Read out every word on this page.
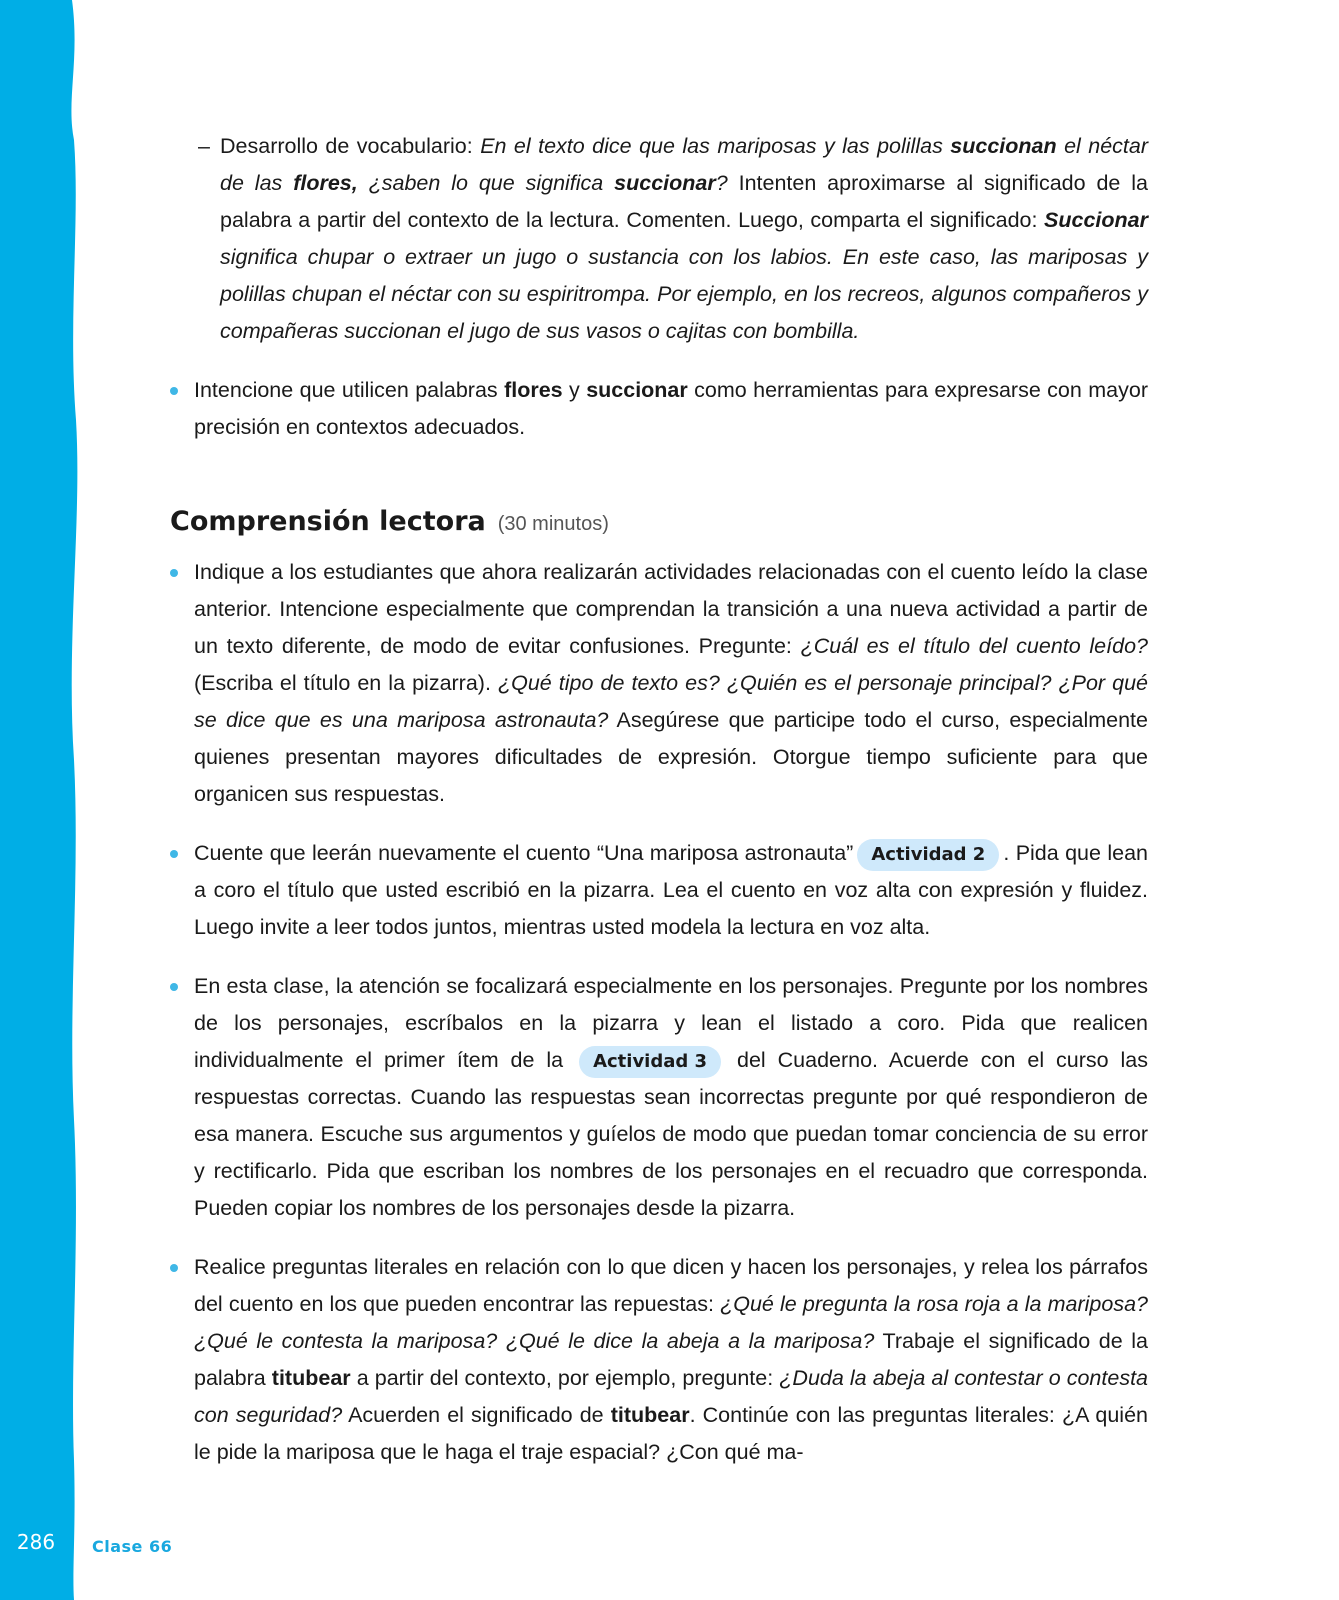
286	Clase 66
– Desarrollo de vocabulario: En el texto dice que las mariposas y las polillas succionan el néctar de las flores, ¿saben lo que significa succionar? Intenten aproximarse al significado de la palabra a partir del contexto de la lectura. Comenten. Luego, comparta el significado: Succionar significa chupar o extraer un jugo o sustancia con los labios. En este caso, las mariposas y polillas chupan el néctar con su espiritrompa. Por ejemplo, en los recreos, algunos compañeros y compañeras succionan el jugo de sus vasos o cajitas con bombilla.
Intencione que utilicen palabras flores y succionar como herramientas para expresarse con mayor precisión en contextos adecuados.
Comprensión lectora (30 minutos)
Indique a los estudiantes que ahora realizarán actividades relacionadas con el cuento leído la clase anterior. Intencione especialmente que comprendan la transición a una nueva actividad a partir de un texto diferente, de modo de evitar confusiones. Pregunte: ¿Cuál es el título del cuento leído? (Escriba el título en la pizarra). ¿Qué tipo de texto es? ¿Quién es el personaje principal? ¿Por qué se dice que es una mariposa astronauta? Asegúrese que participe todo el curso, especialmente quienes presentan mayores dificultades de expresión. Otorgue tiempo suficiente para que organicen sus respuestas.
Cuente que leerán nuevamente el cuento “Una mariposa astronauta” Actividad 2 . Pida que lean a coro el título que usted escribió en la pizarra. Lea el cuento en voz alta con expresión y fluidez. Luego invite a leer todos juntos, mientras usted modela la lectura en voz alta.
En esta clase, la atención se focalizará especialmente en los personajes. Pregunte por los nombres de los personajes, escríbalos en la pizarra y lean el listado a coro. Pida que realicen individualmente el primer ítem de la Actividad 3 del Cuaderno. Acuerde con el curso las respuestas correctas. Cuando las respuestas sean incorrectas pregunte por qué respondieron de esa manera. Escuche sus argumentos y guíelos de modo que puedan tomar conciencia de su error y rectificarlo. Pida que escriban los nombres de los personajes en el recuadro que corresponda. Pueden copiar los nombres de los personajes desde la pizarra.
Realice preguntas literales en relación con lo que dicen y hacen los personajes, y relea los párrafos del cuento en los que pueden encontrar las repuestas: ¿Qué le pregunta la rosa roja a la mariposa? ¿Qué le contesta la mariposa? ¿Qué le dice la abeja a la mariposa? Trabaje el significado de la palabra titubear a partir del contexto, por ejemplo, pregunte: ¿Duda la abeja al contestar o contesta con seguridad? Acuerden el significado de titubear. Continúe con las preguntas literales: ¿A quién le pide la mariposa que le haga el traje espacial? ¿Con qué ma-
